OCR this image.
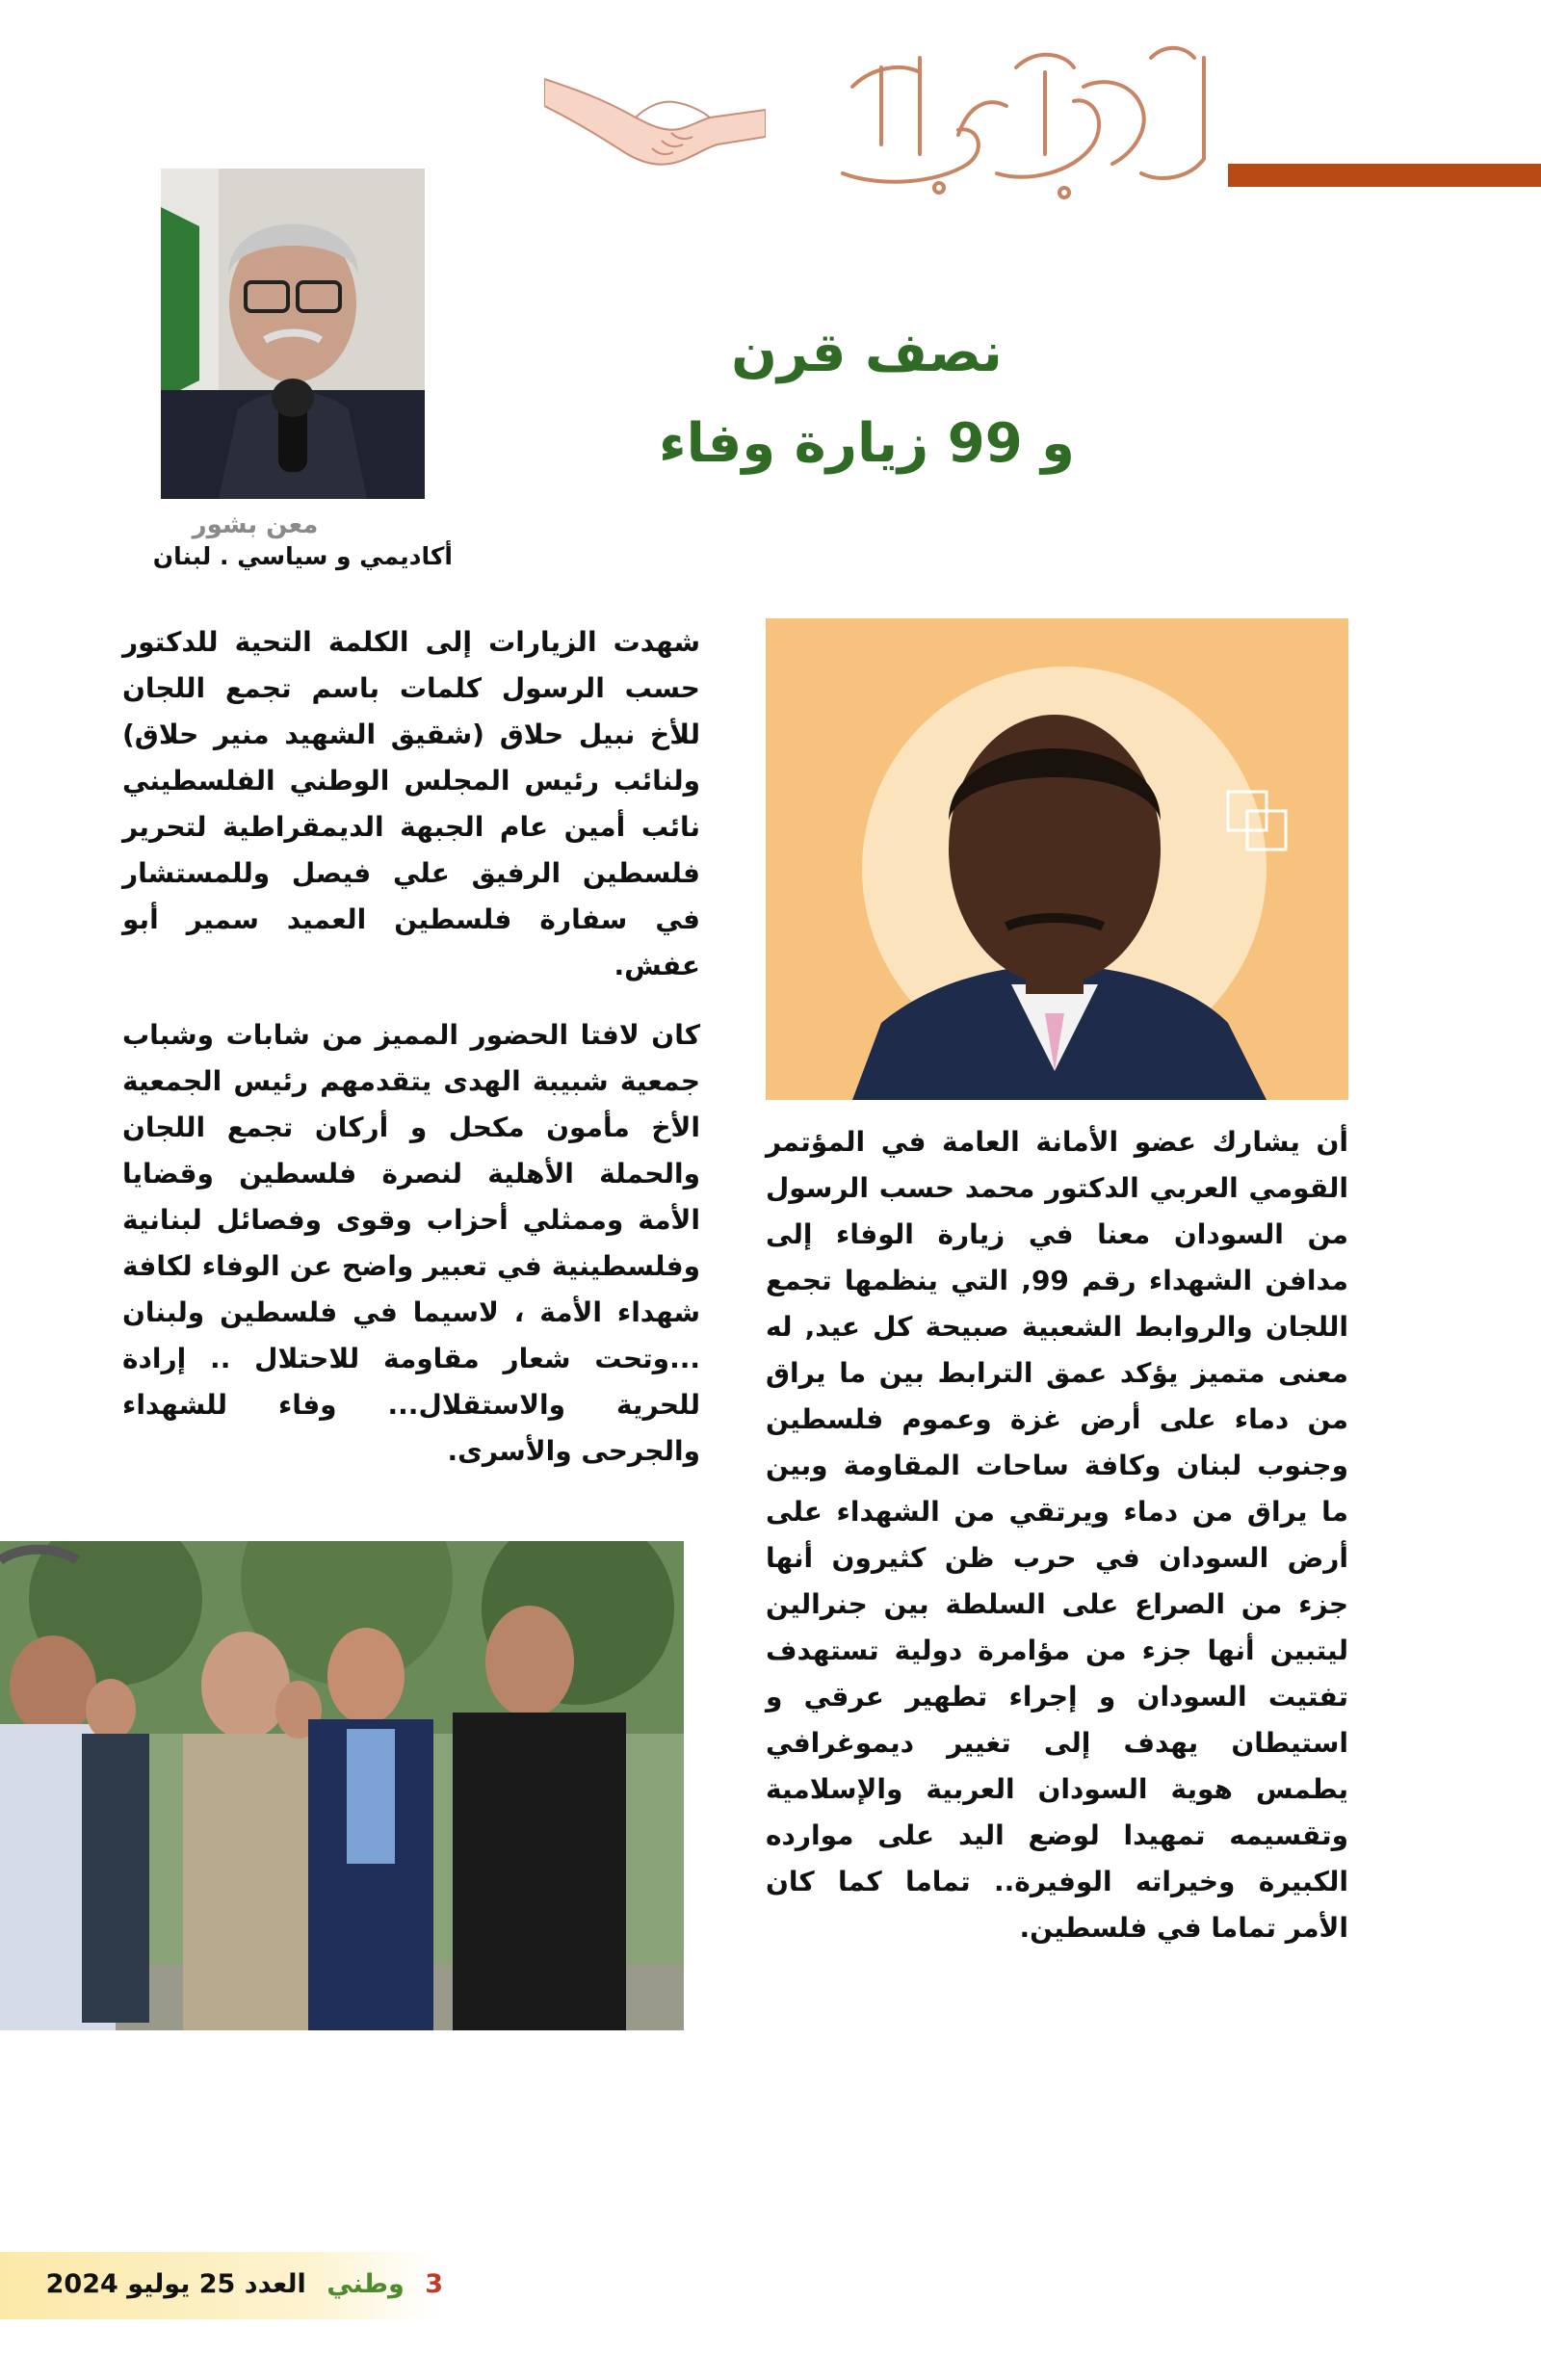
نصف قرن
و 99 زيارة وفاء
معن بشور
أكاديمي و سياسي . لبنان

شهدت الزيارات إلى الكلمة التحية للدكتور حسب الرسول كلمات باسم تجمع اللجان للأخ نبيل حلاق (شقيق الشهيد منير حلاق) ولنائب رئيس المجلس الوطني الفلسطيني نائب أمين عام الجبهة الديمقراطية لتحرير فلسطين الرفيق علي فيصل وللمستشار في سفارة فلسطين العميد سمير أبو عفش.

كان لافتا الحضور المميز من شابات وشباب جمعية شبيبة الهدى يتقدمهم رئيس الجمعية الأخ مأمون مكحل و أركان تجمع اللجان والحملة الأهلية لنصرة فلسطين وقضايا الأمة وممثلي أحزاب وقوى وفصائل لبنانية وفلسطينية في تعبير واضح عن الوفاء لكافة شهداء الأمة ، لاسيما في فلسطين ولبنان ...وتحت شعار مقاومة للاحتلال .. إرادة للحرية والاستقلال... وفاء للشهداء والجرحى والأسرى.

أن يشارك عضو الأمانة العامة في المؤتمر القومي العربي الدكتور محمد حسب الرسول من السودان معنا في زيارة الوفاء إلى مدافن الشهداء رقم 99, التي ينظمها تجمع اللجان والروابط الشعبية صبيحة كل عيد, له معنى متميز يؤكد عمق الترابط بين ما يراق من دماء على أرض غزة وعموم فلسطين وجنوب لبنان وكافة ساحات المقاومة وبين ما يراق من دماء ويرتقي من الشهداء على أرض السودان في حرب ظن كثيرون أنها جزء من الصراع على السلطة بين جنرالين ليتبين أنها جزء من مؤامرة دولية تستهدف تفتيت السودان و إجراء تطهير عرقي و استيطان يهدف إلى تغيير ديموغرافي يطمس هوية السودان العربية والإسلامية وتقسيمه تمهيدا لوضع اليد على موارده الكبيرة وخيراته الوفيرة.. تماما كما كان الأمر تماما في فلسطين.

3 وطني العدد 25 يوليو 2024
